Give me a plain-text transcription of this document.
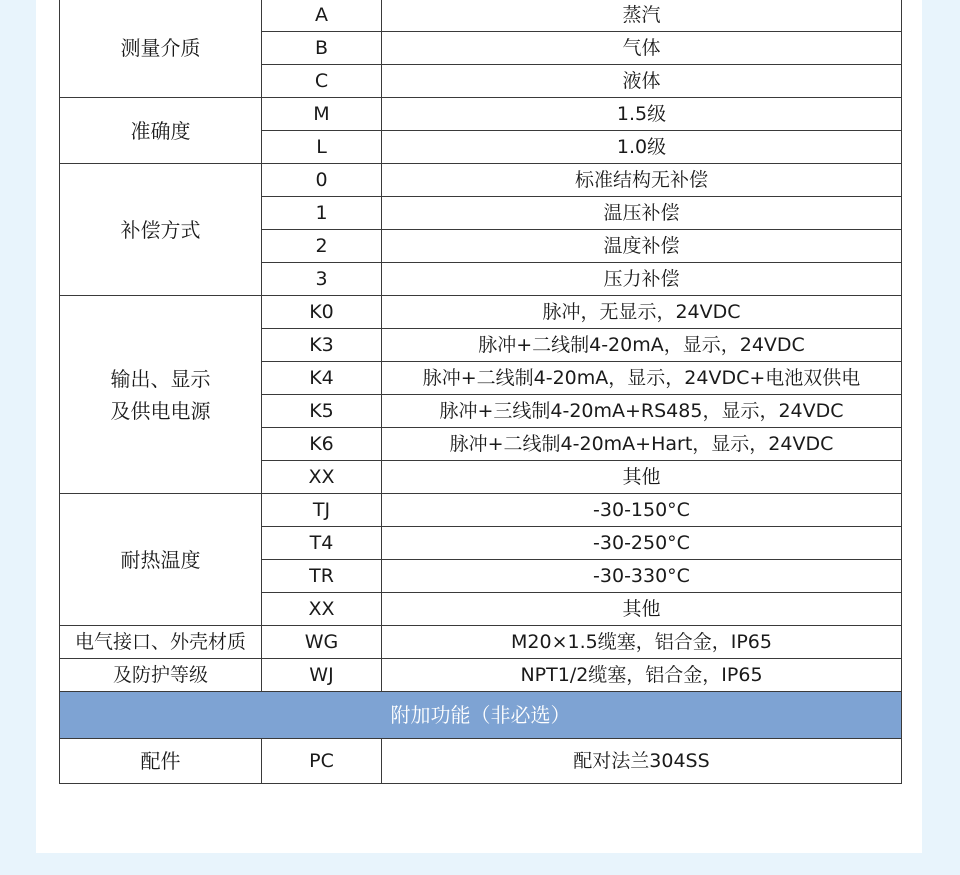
测量介质	A	蒸汽
	B	气体
	C	液体
准确度	M	1.5级
	L	1.0级
补偿方式	0	标准结构无补偿
	1	温压补偿
	2	温度补偿
	3	压力补偿
输出、显示
及供电电源	K0	脉冲，无显示，24VDC
	K3	脉冲+二线制4-20mA，显示，24VDC
	K4	脉冲+二线制4-20mA，显示，24VDC+电池双供电
	K5	脉冲+三线制4-20mA+RS485，显示，24VDC
	K6	脉冲+二线制4-20mA+Hart，显示，24VDC
	XX	其他
耐热温度	TJ	-30-150°C
	T4	-30-250°C
	TR	-30-330°C
	XX	其他
电气接口、外壳材质	WG	M20×1.5缆塞，铝合金，IP65
及防护等级	WJ	NPT1/2缆塞，铝合金，IP65
附加功能（非必选）		
配件	PC	配对法兰304SS
